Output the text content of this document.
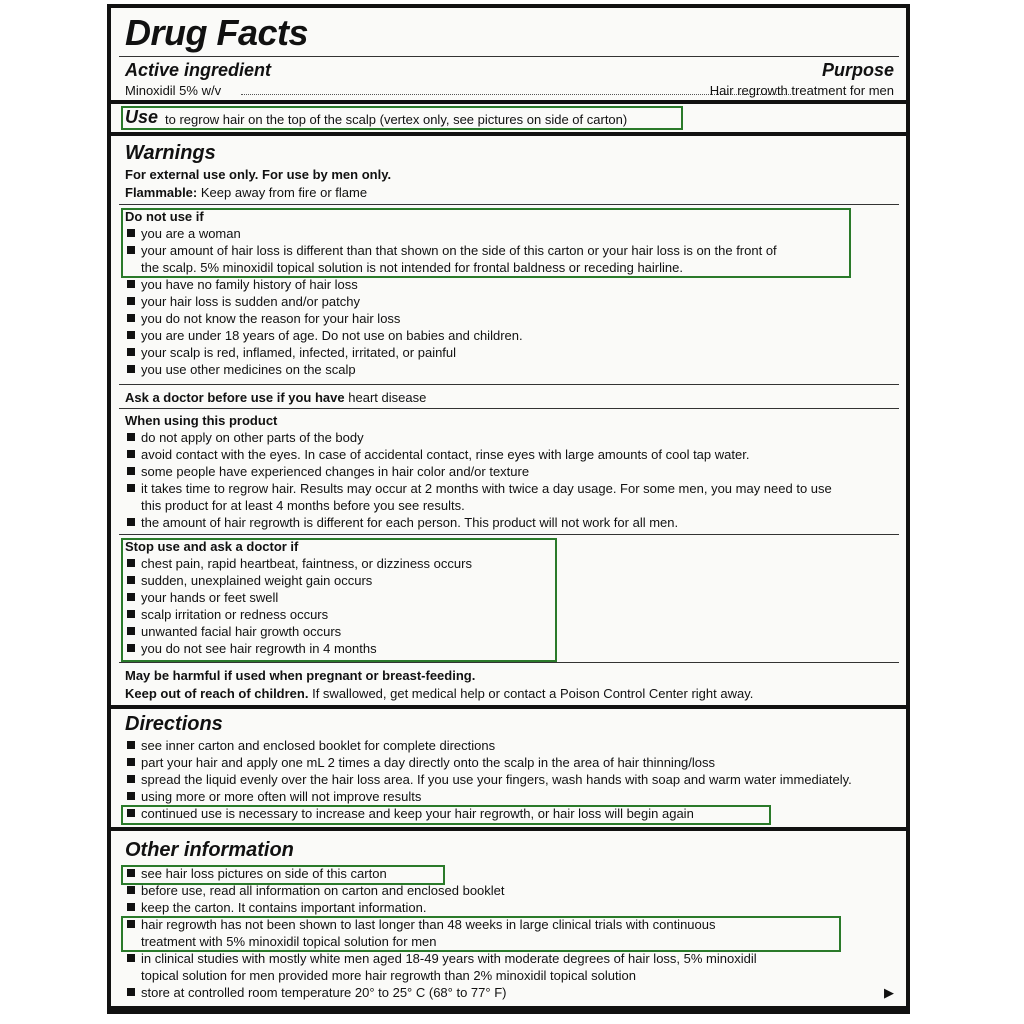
Drug Facts
Active ingredient	Purpose
Minoxidil 5% w/v	Hair regrowth treatment for men
Use to regrow hair on the top of the scalp (vertex only, see pictures on side of carton)
Warnings
For external use only. For use by men only.
Flammable: Keep away from fire or flame
Do not use if
you are a woman
your amount of hair loss is different than that shown on the side of this carton or your hair loss is on the front of
the scalp. 5% minoxidil topical solution is not intended for frontal baldness or receding hairline.
you have no family history of hair loss
your hair loss is sudden and/or patchy
you do not know the reason for your hair loss
you are under 18 years of age. Do not use on babies and children.
your scalp is red, inflamed, infected, irritated, or painful
you use other medicines on the scalp
Ask a doctor before use if you have heart disease
When using this product
do not apply on other parts of the body
avoid contact with the eyes. In case of accidental contact, rinse eyes with large amounts of cool tap water.
some people have experienced changes in hair color and/or texture
it takes time to regrow hair. Results may occur at 2 months with twice a day usage. For some men, you may need to use
this product for at least 4 months before you see results.
the amount of hair regrowth is different for each person. This product will not work for all men.
Stop use and ask a doctor if
chest pain, rapid heartbeat, faintness, or dizziness occurs
sudden, unexplained weight gain occurs
your hands or feet swell
scalp irritation or redness occurs
unwanted facial hair growth occurs
you do not see hair regrowth in 4 months
May be harmful if used when pregnant or breast-feeding.
Keep out of reach of children. If swallowed, get medical help or contact a Poison Control Center right away.
Directions
see inner carton and enclosed booklet for complete directions
part your hair and apply one mL 2 times a day directly onto the scalp in the area of hair thinning/loss
spread the liquid evenly over the hair loss area. If you use your fingers, wash hands with soap and warm water immediately.
using more or more often will not improve results
continued use is necessary to increase and keep your hair regrowth, or hair loss will begin again
Other information
see hair loss pictures on side of this carton
before use, read all information on carton and enclosed booklet
keep the carton. It contains important information.
hair regrowth has not been shown to last longer than 48 weeks in large clinical trials with continuous
treatment with 5% minoxidil topical solution for men
in clinical studies with mostly white men aged 18-49 years with moderate degrees of hair loss, 5% minoxidil
topical solution for men provided more hair regrowth than 2% minoxidil topical solution
store at controlled room temperature 20° to 25° C (68° to 77° F)	▶
